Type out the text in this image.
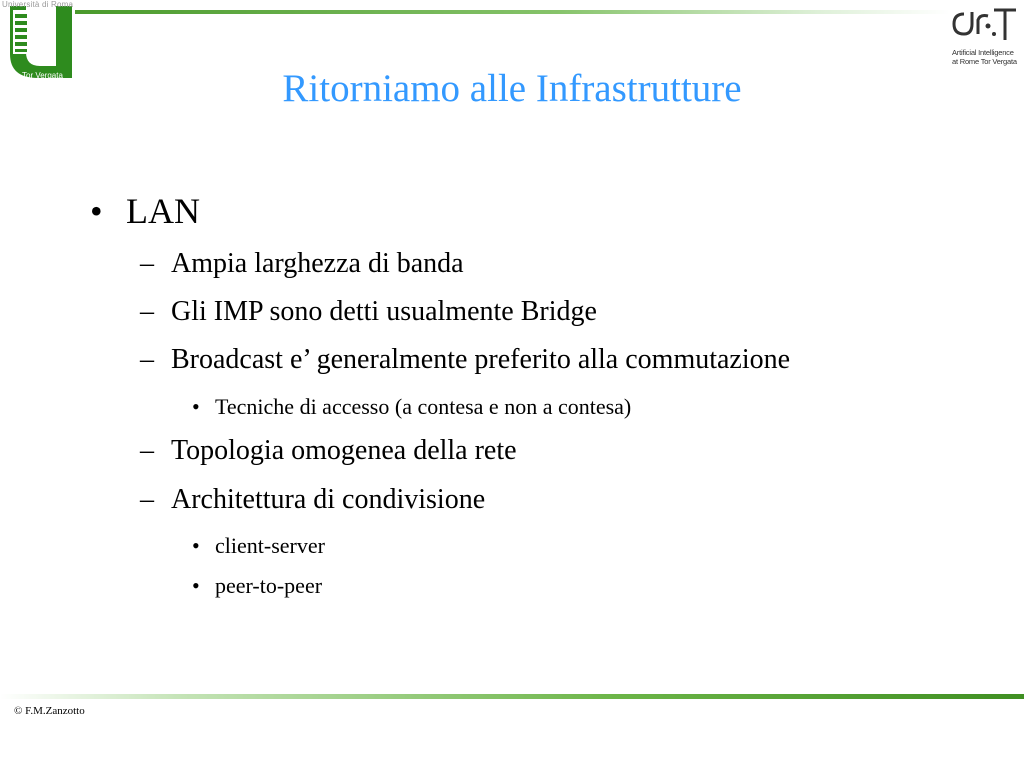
Università di Roma
Tor Vergata
Artificial Intelligence
at Rome Tor Vergata
Ritorniamo alle Infrastrutture
• LAN
– Ampia larghezza di banda
– Gli IMP sono detti usualmente Bridge
– Broadcast e’ generalmente preferito alla commutazione
• Tecniche di accesso (a contesa e non a contesa)
– Topologia omogenea della rete
– Architettura di condivisione
• client-server
• peer-to-peer
© F.M.Zanzotto
